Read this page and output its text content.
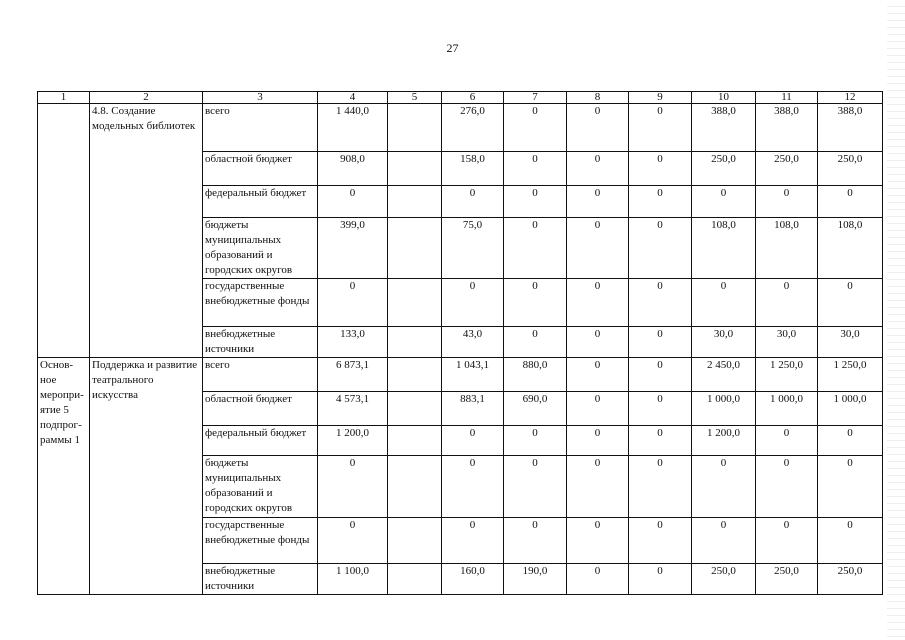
27
1	2	3	4	5	6	7	8	9	10	11	12
	4.8. Создание модельных библиотек	всего	1 440,0		276,0	0	0	0	388,0	388,0	388,0
		областной бюджет	908,0		158,0	0	0	0	250,0	250,0	250,0
		федеральный бюджет	0		0	0	0	0	0	0	0
		бюджеты муниципальных образований и городских округов	399,0		75,0	0	0	0	108,0	108,0	108,0
		государственные внебюджетные фонды	0		0	0	0	0	0	0	0
		внебюджетные источники	133,0		43,0	0	0	0	30,0	30,0	30,0
Основ-ное меропри-ятие 5 подпрог-раммы 1	Поддержка и развитие театрального искусства	всего	6 873,1		1 043,1	880,0	0	0	2 450,0	1 250,0	1 250,0
		областной бюджет	4 573,1		883,1	690,0	0	0	1 000,0	1 000,0	1 000,0
		федеральный бюджет	1 200,0		0	0	0	0	1 200,0	0	0
		бюджеты муниципальных образований и городских округов	0		0	0	0	0	0	0	0
		государственные внебюджетные фонды	0		0	0	0	0	0	0	0
		внебюджетные источники	1 100,0		160,0	190,0	0	0	250,0	250,0	250,0
